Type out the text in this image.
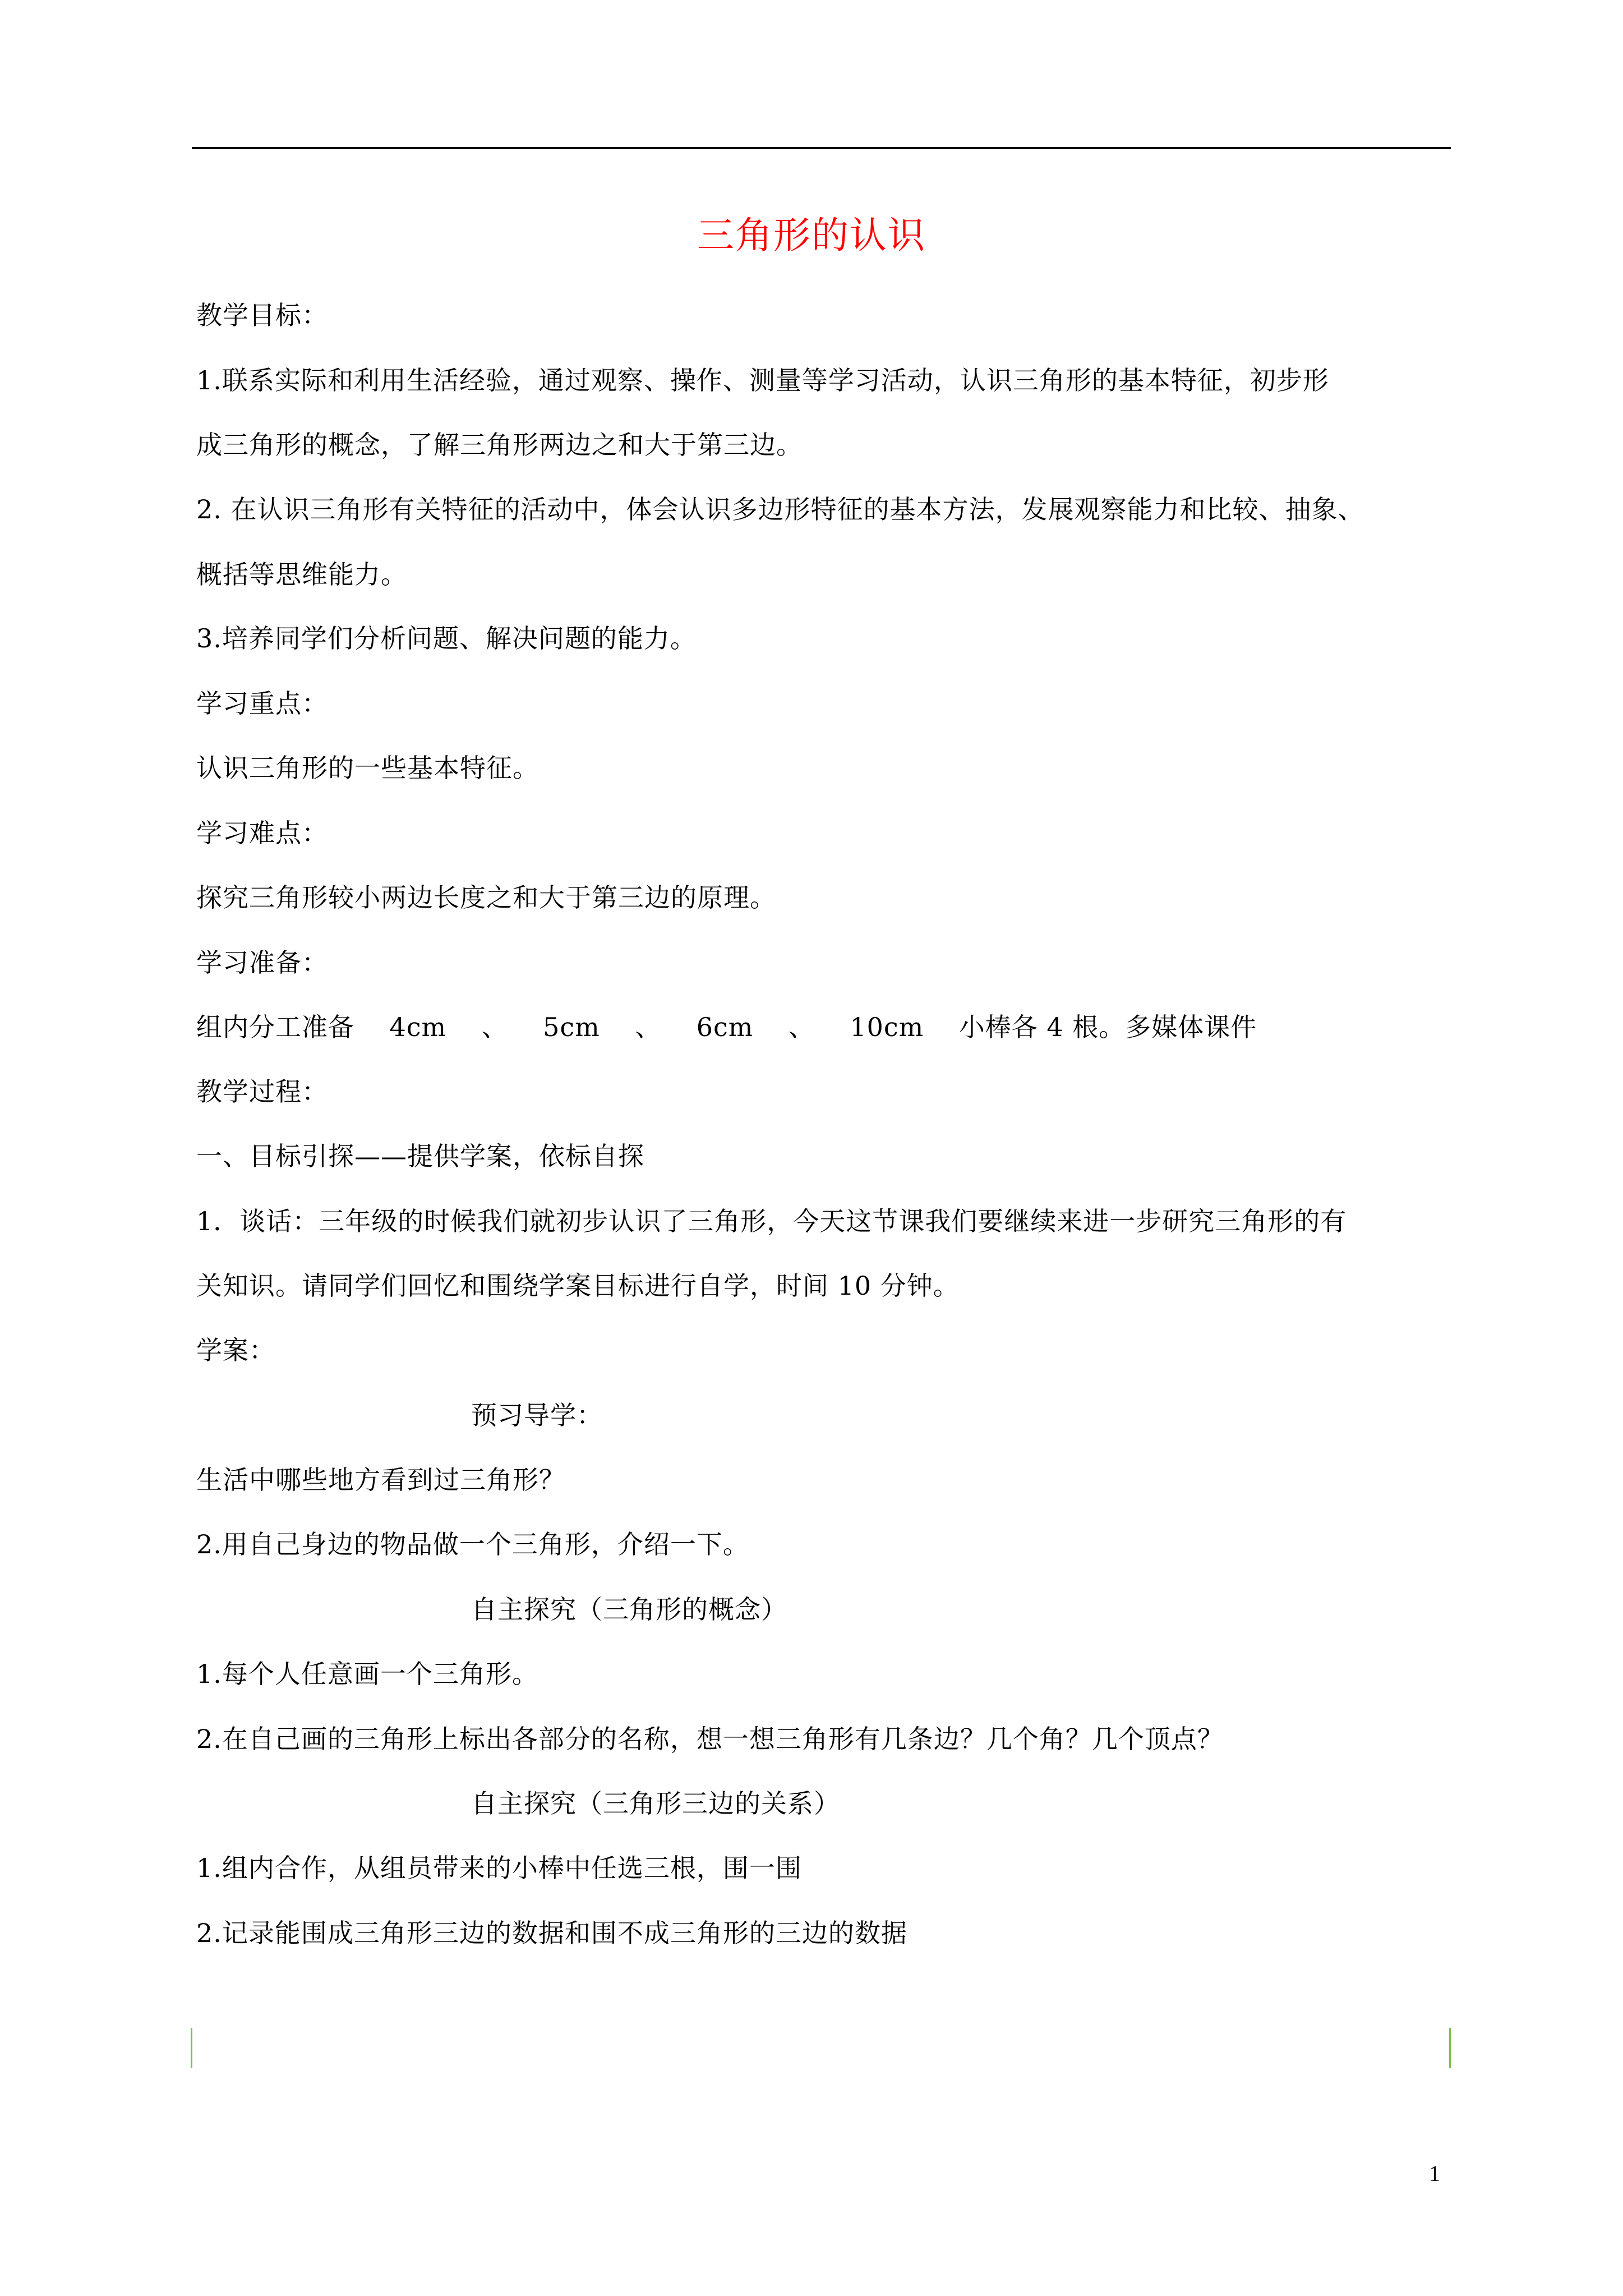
三角形的认识
教学目标：
1.联系实际和利用生活经验，通过观察、操作、测量等学习活动，认识三角形的基本特征，初步形
成三角形的概念，了解三角形两边之和大于第三边。
2. 在认识三角形有关特征的活动中，体会认识多边形特征的基本方法，发展观察能力和比较、抽象、
概括等思维能力。
3.培养同学们分析问题、解决问题的能力。
学习重点：
认识三角形的一些基本特征。
学习难点：
探究三角形较小两边长度之和大于第三边的原理。
学习准备：
组内分工准备    4cm    、    5cm    、    6cm    、    10cm    小棒各 4 根。多媒体课件
教学过程：
一、目标引探——提供学案，依标自探
1．谈话：三年级的时候我们就初步认识了三角形，今天这节课我们要继续来进一步研究三角形的有
关知识。请同学们回忆和围绕学案目标进行自学，时间 10 分钟。
学案：
预习导学：
生活中哪些地方看到过三角形？
2.用自己身边的物品做一个三角形，介绍一下。
自主探究（三角形的概念）
1.每个人任意画一个三角形。
2.在自己画的三角形上标出各部分的名称，想一想三角形有几条边？几个角？几个顶点？
自主探究（三角形三边的关系）
1.组内合作，从组员带来的小棒中任选三根，围一围
2.记录能围成三角形三边的数据和围不成三角形的三边的数据
1
